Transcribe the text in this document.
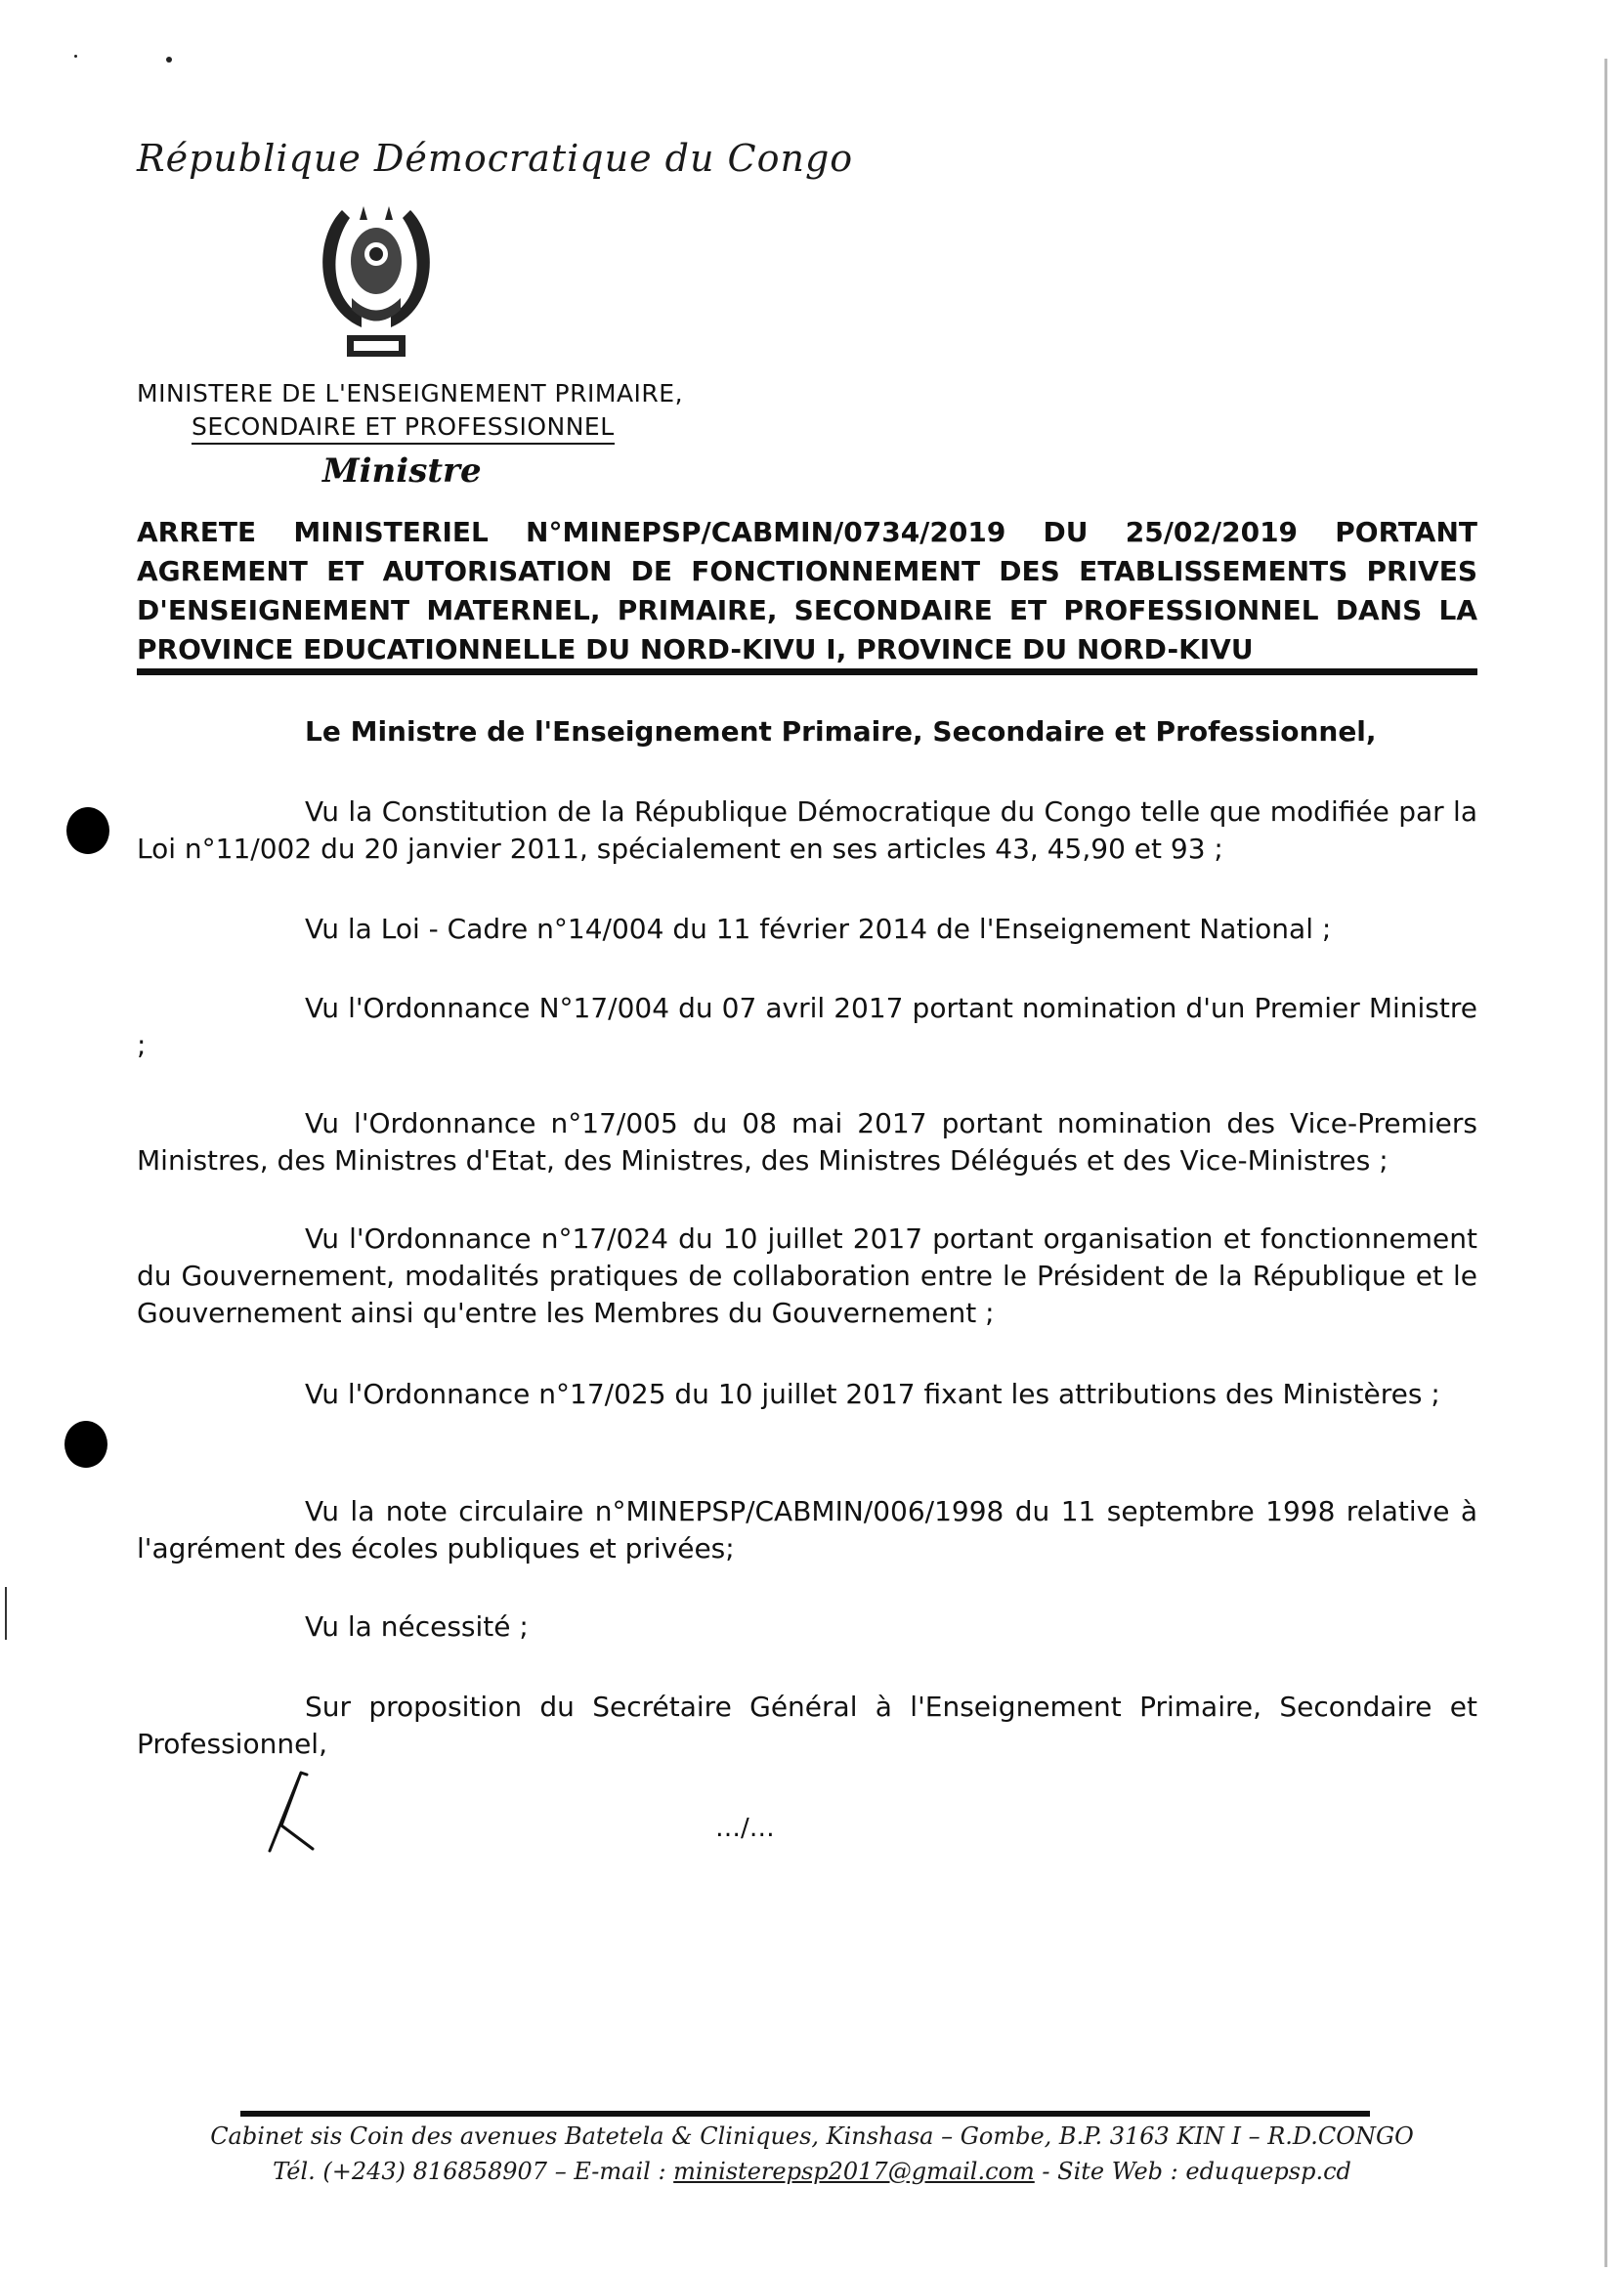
République Démocratique du Congo
MINISTERE DE L'ENSEIGNEMENT PRIMAIRE,
SECONDAIRE ET PROFESSIONNEL
Ministre
ARRETE MINISTERIEL N°MINEPSP/CABMIN/0734/2019 DU 25/02/2019 PORTANT
AGREMENT ET AUTORISATION DE FONCTIONNEMENT DES ETABLISSEMENTS PRIVES
D'ENSEIGNEMENT MATERNEL, PRIMAIRE, SECONDAIRE ET PROFESSIONNEL DANS LA
PROVINCE EDUCATIONNELLE DU NORD-KIVU I, PROVINCE DU NORD-KIVU
Le Ministre de l'Enseignement Primaire, Secondaire et Professionnel,
Vu la Constitution de la République Démocratique du Congo telle que modifiée par la Loi n°11/002 du 20 janvier 2011, spécialement en ses articles 43, 45,90 et 93 ;
Vu la Loi - Cadre n°14/004 du 11 février 2014 de l'Enseignement National ;
Vu l'Ordonnance N°17/004 du 07 avril 2017 portant nomination d'un Premier Ministre ;
Vu l'Ordonnance n°17/005 du 08 mai 2017 portant nomination des Vice-Premiers Ministres, des Ministres d'Etat, des Ministres, des Ministres Délégués et des Vice-Ministres ;
Vu l'Ordonnance n°17/024 du 10 juillet 2017 portant organisation et fonctionnement du Gouvernement, modalités pratiques de collaboration entre le Président de la République et le Gouvernement ainsi qu'entre les Membres du Gouvernement ;
Vu l'Ordonnance n°17/025 du 10 juillet 2017 fixant les attributions des Ministères ;
Vu la note circulaire n°MINEPSP/CABMIN/006/1998 du 11 septembre 1998 relative à l'agrément des écoles publiques et privées;
Vu la nécessité ;
Sur proposition du Secrétaire Général à l'Enseignement Primaire, Secondaire et Professionnel,
…/…
Cabinet sis Coin des avenues Batetela & Cliniques, Kinshasa – Gombe, B.P. 3163 KIN I – R.D.CONGO
Tél. (+243) 816858907 – E-mail : ministerepsp2017@gmail.com - Site Web : eduquepsp.cd
